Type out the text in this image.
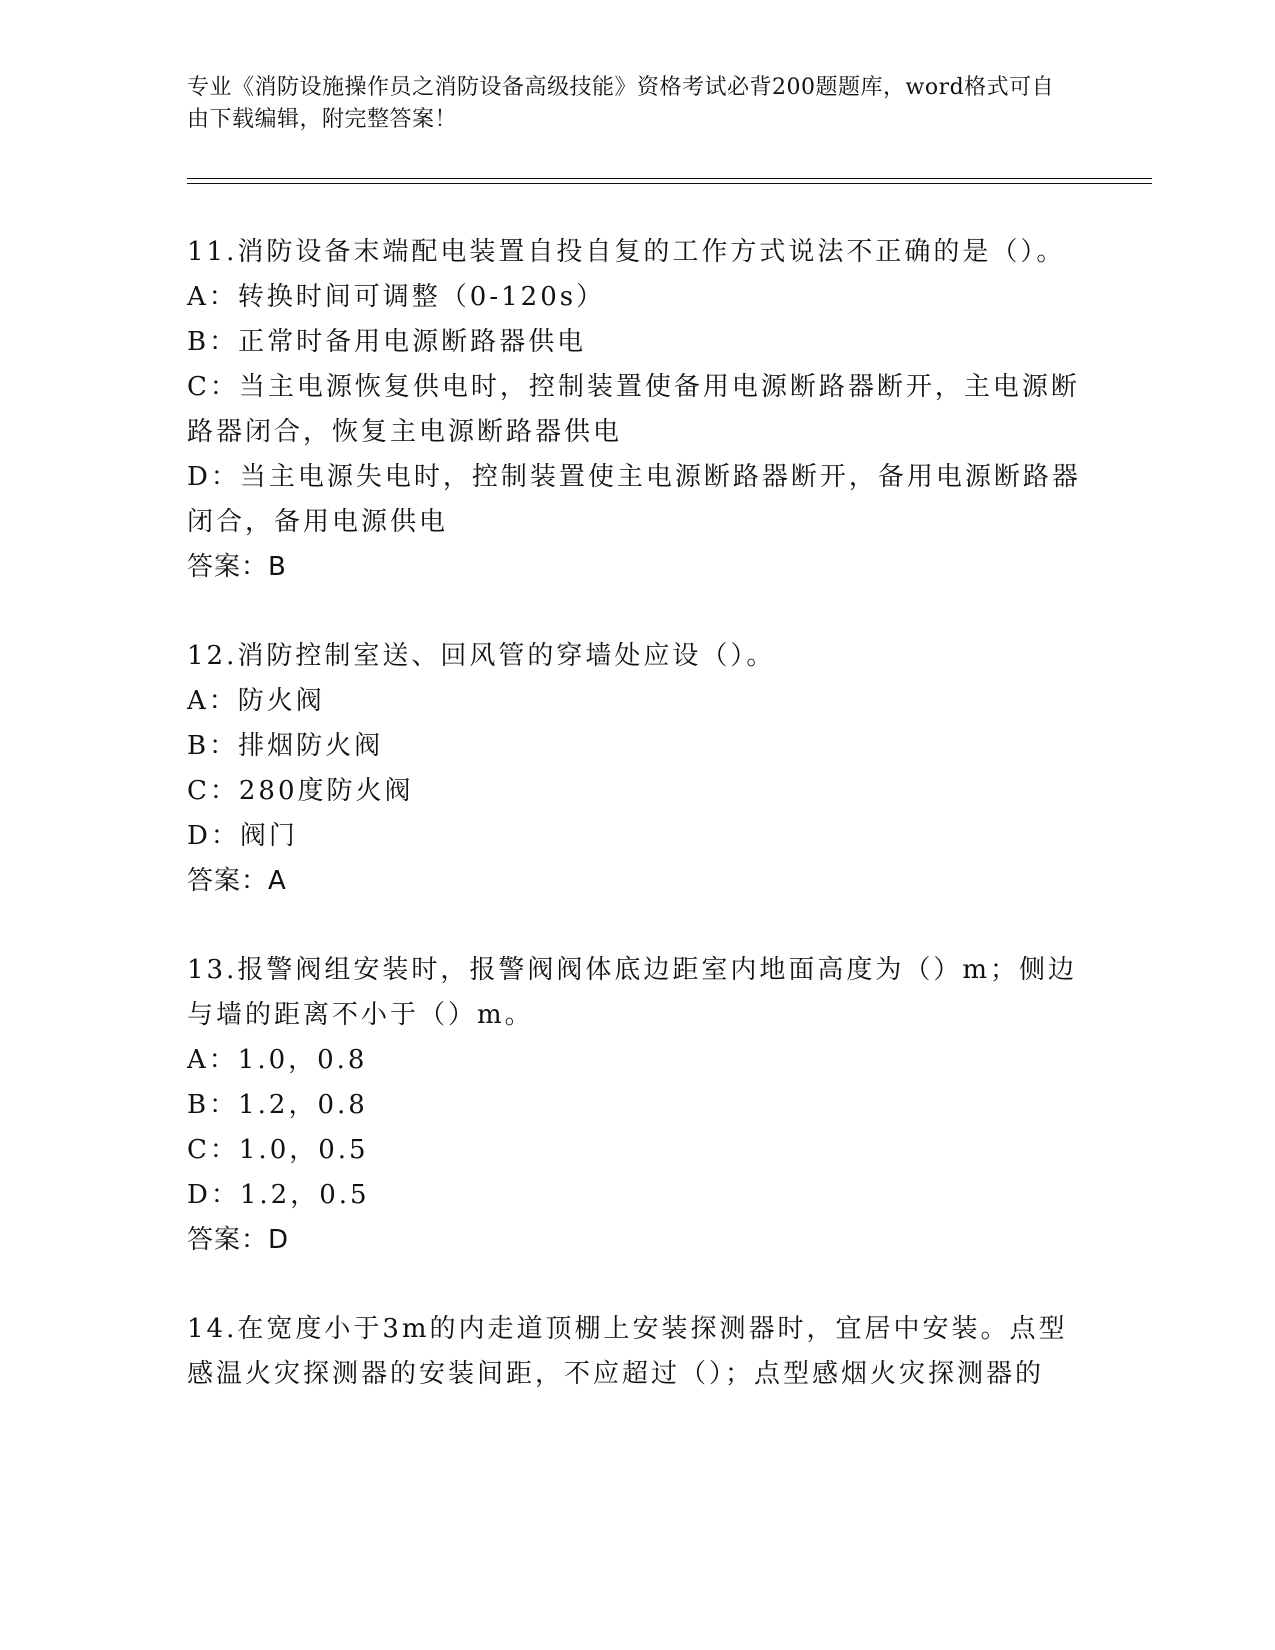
专业《消防设施操作员之消防设备高级技能》资格考试必背200题题库，word格式可自由下载编辑，附完整答案！

11.消防设备末端配电装置自投自复的工作方式说法不正确的是（）。

A：转换时间可调整（0-120s）

B：正常时备用电源断路器供电

C：当主电源恢复供电时，控制装置使备用电源断路器断开，主电源断路器闭合，恢复主电源断路器供电

D：当主电源失电时，控制装置使主电源断路器断开，备用电源断路器闭合，备用电源供电

答案：B

12.消防控制室送、回风管的穿墙处应设（）。

A：防火阀

B：排烟防火阀

C：280度防火阀

D：阀门

答案：A

13.报警阀组安装时，报警阀阀体底边距室内地面高度为（）m；侧边与墙的距离不小于（）m。

A：1.0，0.8

B：1.2，0.8

C：1.0，0.5

D：1.2，0.5

答案：D

14.在宽度小于3m的内走道顶棚上安装探测器时，宜居中安装。点型感温火灾探测器的安装间距，不应超过（）；点型感烟火灾探测器的
